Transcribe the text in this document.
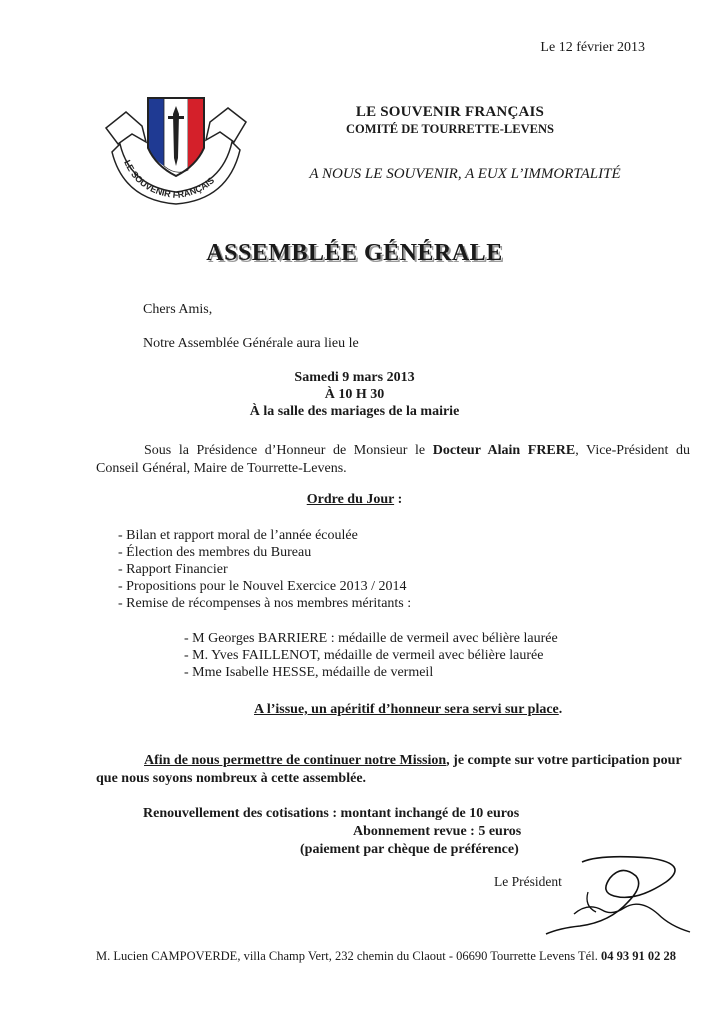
Le 12 février 2013
LE SOUVENIR FRANÇAIS
LE SOUVENIR FRANÇAIS
COMITÉ DE TOURRETTE-LEVENS
A NOUS LE SOUVENIR, A EUX L’IMMORTALITÉ
ASSEMBLÉE GÉNÉRALE
Chers Amis,
Notre Assemblée Générale aura lieu le
Samedi 9 mars 2013
À 10 H 30
À la salle des mariages de la mairie
Sous la Présidence d’Honneur de Monsieur le Docteur Alain FRERE, Vice-Président du Conseil Général, Maire de Tourrette-Levens.
Ordre du Jour :
- Bilan et rapport moral de l’année écoulée
- Élection des membres du Bureau
- Rapport Financier
- Propositions pour le Nouvel Exercice 2013 / 2014
- Remise de récompenses à nos membres méritants :
- M Georges BARRIERE : médaille de vermeil avec bélière laurée
- M. Yves FAILLENOT, médaille de vermeil avec bélière laurée
- Mme Isabelle HESSE, médaille de vermeil
A l’issue, un apéritif d’honneur sera servi sur place.
Afin de nous permettre de continuer notre Mission, je compte sur votre participation pour que nous soyons nombreux à cette assemblée.
Renouvellement des cotisations : montant inchangé de 10 euros
Abonnement revue : 5 euros
(paiement par chèque de préférence)
Le Président
M. Lucien CAMPOVERDE, villa Champ Vert, 232 chemin du Claout - 06690 Tourrette Levens Tél. 04 93 91 02 28
